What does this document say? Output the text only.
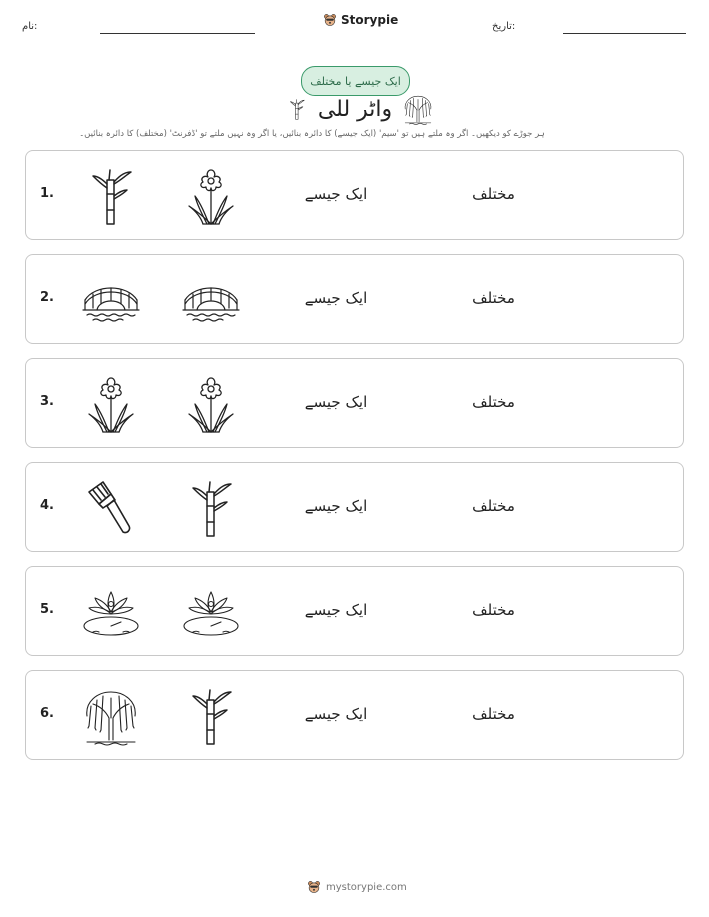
نام:	Storypie	تاریخ:
ایک جیسے یا مختلف
واٹر للی
ہر جوڑے کو دیکھیں۔ اگر وہ ملتے ہیں تو 'سیم' (ایک جیسے) کا دائرہ بنائیں، یا اگر وہ نہیں ملتے تو 'ڈفرنٹ' (مختلف) کا دائرہ بنائیں۔
1.	ایک جیسے	مختلف
2.	ایک جیسے	مختلف
3.	ایک جیسے	مختلف
4.	ایک جیسے	مختلف
5.	ایک جیسے	مختلف
6.	ایک جیسے	مختلف
mystorypie.com
